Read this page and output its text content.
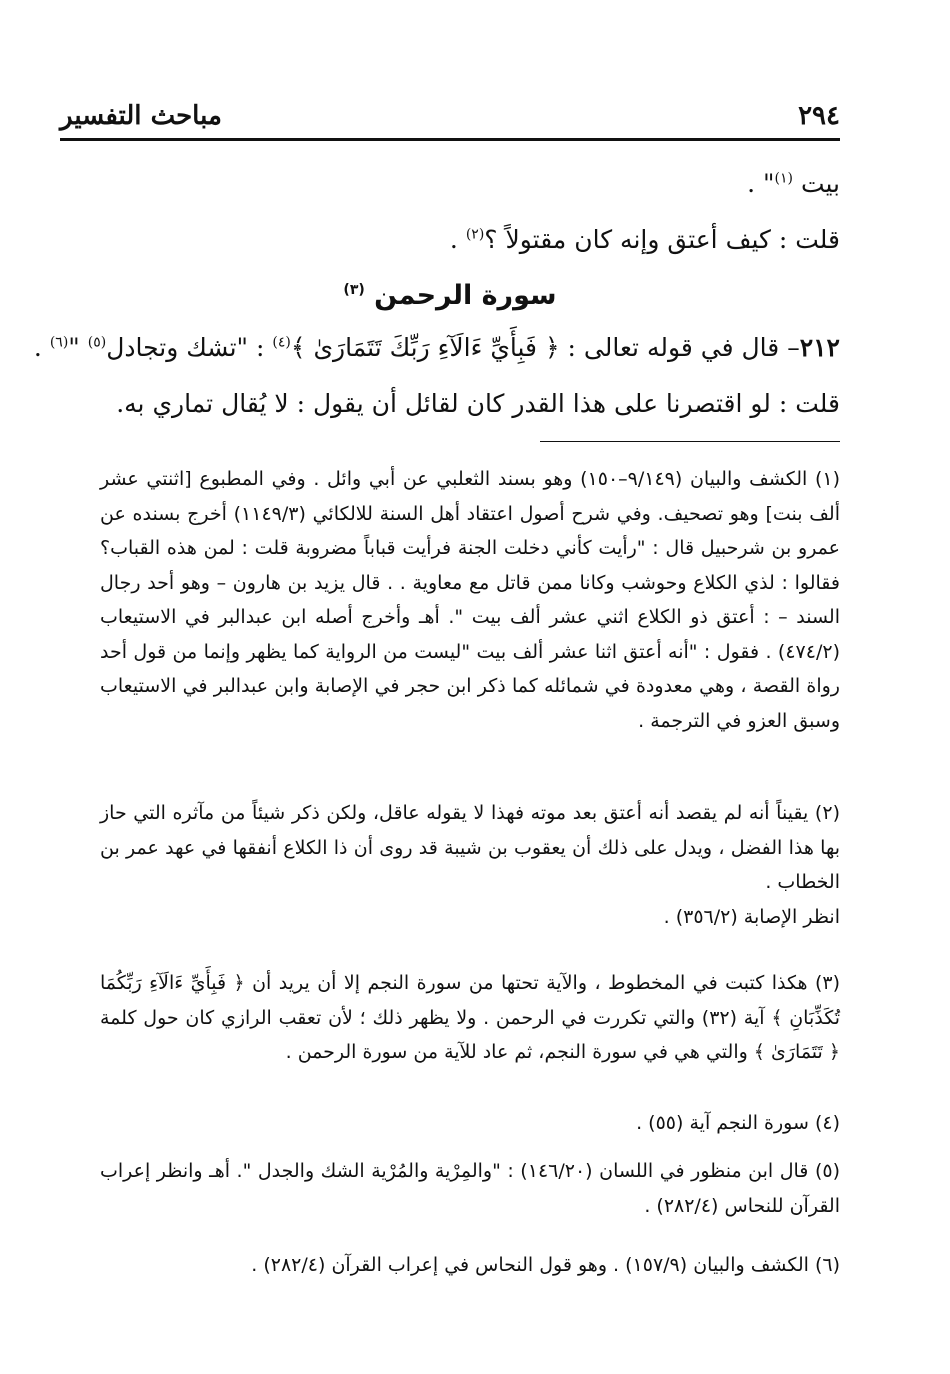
٢٩٤
مباحث التفسير

بيت $^{(١)}$" .

قلت : كيف أعتق وإنه كان مقتولاً ؟$^{(٢)}$ .

سورة الرحمن $^{(٣)}$

٢١٢– قال في قوله تعالى : ﴿ فَبِأَيِّ ءَالَآءِ رَبِّكَ تَتَمَارَىٰ ﴾$^{(٤)}$ : "تشك وتجادل$^{(٥)}$ "$^{(٦)}$ .

قلت : لو اقتصرنا على هذا القدر كان لقائل أن يقول : لا يُقال تماري به.

(١) الكشف والبيان (٩/١٤٩–١٥٠) وهو بسند الثعلبي عن أبي وائل . وفي المطبوع [اثنتي عشر ألف بنت] وهو تصحيف. وفي شرح أصول اعتقاد أهل السنة للالكائي (١١٤٩/٣) أخرج بسنده عن عمرو بن شرحبيل قال : "رأيت كأني دخلت الجنة فرأيت قباباً مضروبة قلت : لمن هذه القباب؟ فقالوا : لذي الكلاع وحوشب وكانا ممن قاتل مع معاوية . . قال يزيد بن هارون – وهو أحد رجال السند – : أعتق ذو الكلاع اثني عشر ألف بيت ". أهـ وأخرج أصله ابن عبدالبر في الاستيعاب (٤٧٤/٢) . فقول : "أنه أعتق اثنا عشر ألف بيت "ليست من الرواية كما يظهر وإنما من قول أحد رواة القصة ، وهي معدودة في شمائله كما ذكر ابن حجر في الإصابة وابن عبدالبر في الاستيعاب وسبق العزو في الترجمة .
(٢) يقيناً أنه لم يقصد أنه أعتق بعد موته فهذا لا يقوله عاقل، ولكن ذكر شيئاً من مآثره التي حاز بها هذا الفضل ، ويدل على ذلك أن يعقوب بن شيبة قد روى أن ذا الكلاع أنفقها في عهد عمر بن الخطاب .
انظر الإصابة (٣٥٦/٢) .
(٣) هكذا كتبت في المخطوط ، والآية تحتها من سورة النجم إلا أن يريد أن ﴿ فَبِأَيِّ ءَالَآءِ رَبِّكُمَا تُكَذِّبَانِ ﴾ آية (٣٢) والتي تكررت في الرحمن . ولا يظهر ذلك ؛ لأن تعقب الرازي كان حول كلمة ﴿ تَتَمَارَىٰ ﴾ والتي هي في سورة النجم، ثم عاد للآية من سورة الرحمن .
(٤) سورة النجم آية (٥٥) .
(٥) قال ابن منظور في اللسان (١٤٦/٢٠) : "والمِرْية والمُرْية الشك والجدل ". أهـ وانظر إعراب القرآن للنحاس (٢٨٢/٤) .
(٦) الكشف والبيان (١٥٧/٩) . وهو قول النحاس في إعراب القرآن (٢٨٢/٤) .
